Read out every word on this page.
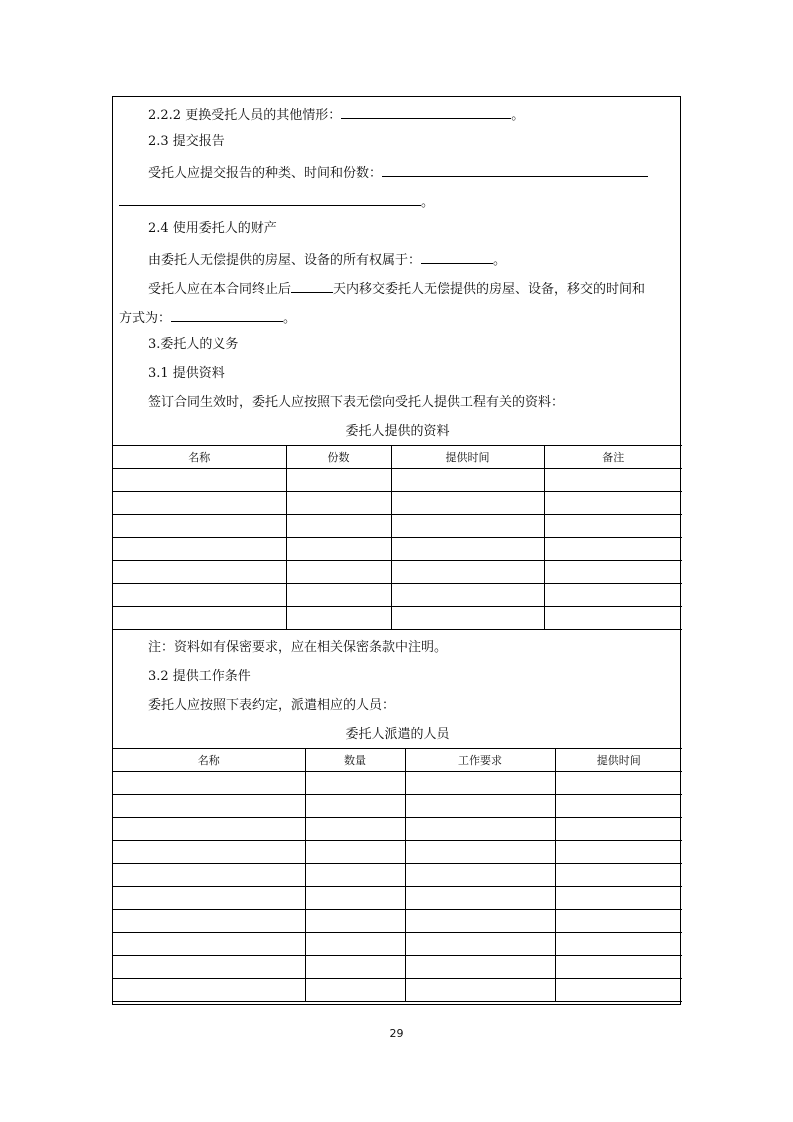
2.2.2 更换受托人员的其他情形：	。
2.3 提交报告
受托人应提交报告的种类、时间和份数：
。
2.4 使用委托人的财产
由委托人无偿提供的房屋、设备的所有权属于：	。
受托人应在本合同终止后	天内移交委托人无偿提供的房屋、设备，移交的时间和
方式为：	。
3.委托人的义务
3.1 提供资料
签订合同生效时，委托人应按照下表无偿向受托人提供工程有关的资料：
委托人提供的资料
名称	份数	提供时间	备注

注：资料如有保密要求，应在相关保密条款中注明。
3.2 提供工作条件
委托人应按照下表约定，派遣相应的人员：
委托人派遣的人员
名称	数量	工作要求	提供时间

29
